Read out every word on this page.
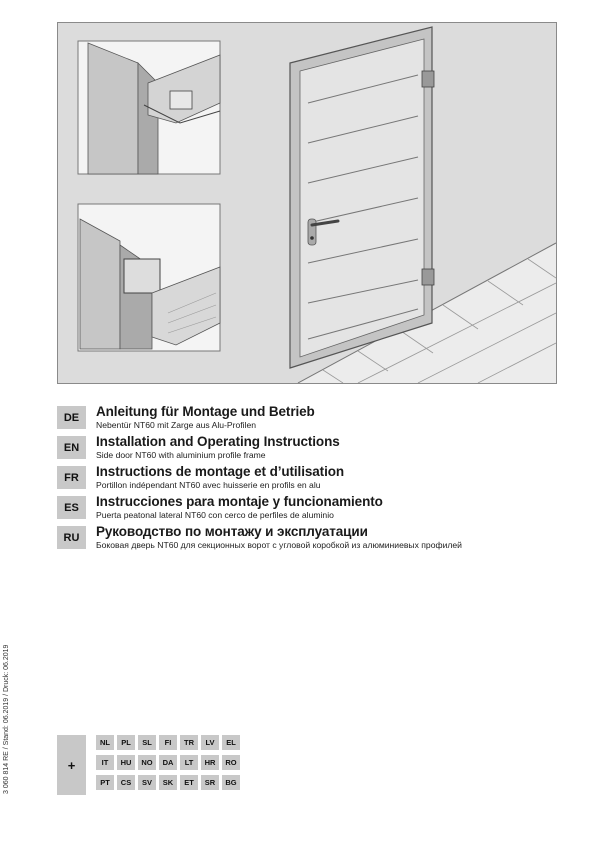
DE	Anleitung für Montage und Betrieb
Nebentür NT60 mit Zarge aus Alu-Profilen
EN	Installation and Operating Instructions
Side door NT60 with aluminium profile frame
FR	Instructions de montage et d’utilisation
Portillon indépendant NT60 avec huisserie en profils en alu
ES	Instrucciones para montaje y funcionamiento
Puerta peatonal lateral NT60 con cerco de perfiles de aluminio
RU	Руководство по монтажу и эксплуатации
Боковая дверь NT60 для секционных ворот с угловой коробкой из алюминиевых профилей
3 060 814 RE / Stand: 06.2019 / Druck: 06.2019	+
NL	PL	SL	FI	TR	LV	EL
IT	HU	NO	DA	LT	HR	RO
PT	CS	SV	SK	ET	SR	BG
